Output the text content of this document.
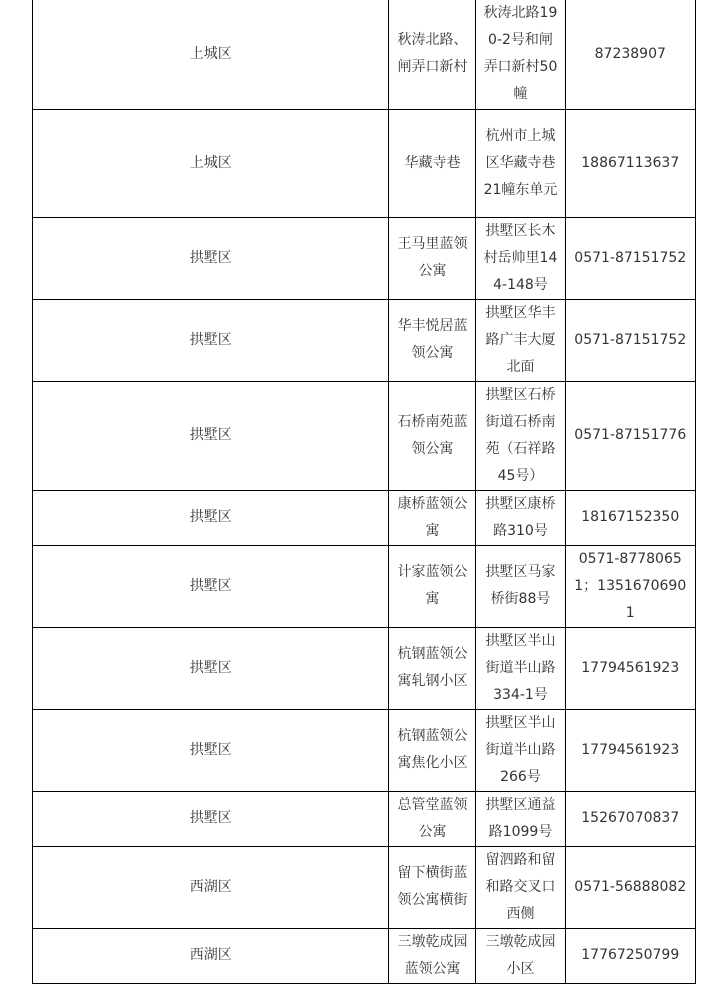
上城区	秋涛北路、闸弄口新村	秋涛北路190-2号和闸弄口新村50幢	87238907
上城区	华藏寺巷	杭州市上城区华藏寺巷21幢东单元	18867113637
拱墅区	王马里蓝领公寓	拱墅区长木村岳帅里144-148号	0571-87151752
拱墅区	华丰悦居蓝领公寓	拱墅区华丰路广丰大厦北面	0571-87151752
拱墅区	石桥南苑蓝领公寓	拱墅区石桥街道石桥南苑（石祥路45号）	0571-87151776
拱墅区	康桥蓝领公寓	拱墅区康桥路310号	18167152350
拱墅区	计家蓝领公寓	拱墅区马家桥街88号	0571-87780651；13516706901
拱墅区	杭钢蓝领公寓轧钢小区	拱墅区半山街道半山路334-1号	17794561923
拱墅区	杭钢蓝领公寓焦化小区	拱墅区半山街道半山路266号	17794561923
拱墅区	总管堂蓝领公寓	拱墅区通益路1099号	15267070837
西湖区	留下横街蓝领公寓横街	留泗路和留和路交叉口西侧	0571-56888082
西湖区	三墩乾成园蓝领公寓	三墩乾成园小区	17767250799
